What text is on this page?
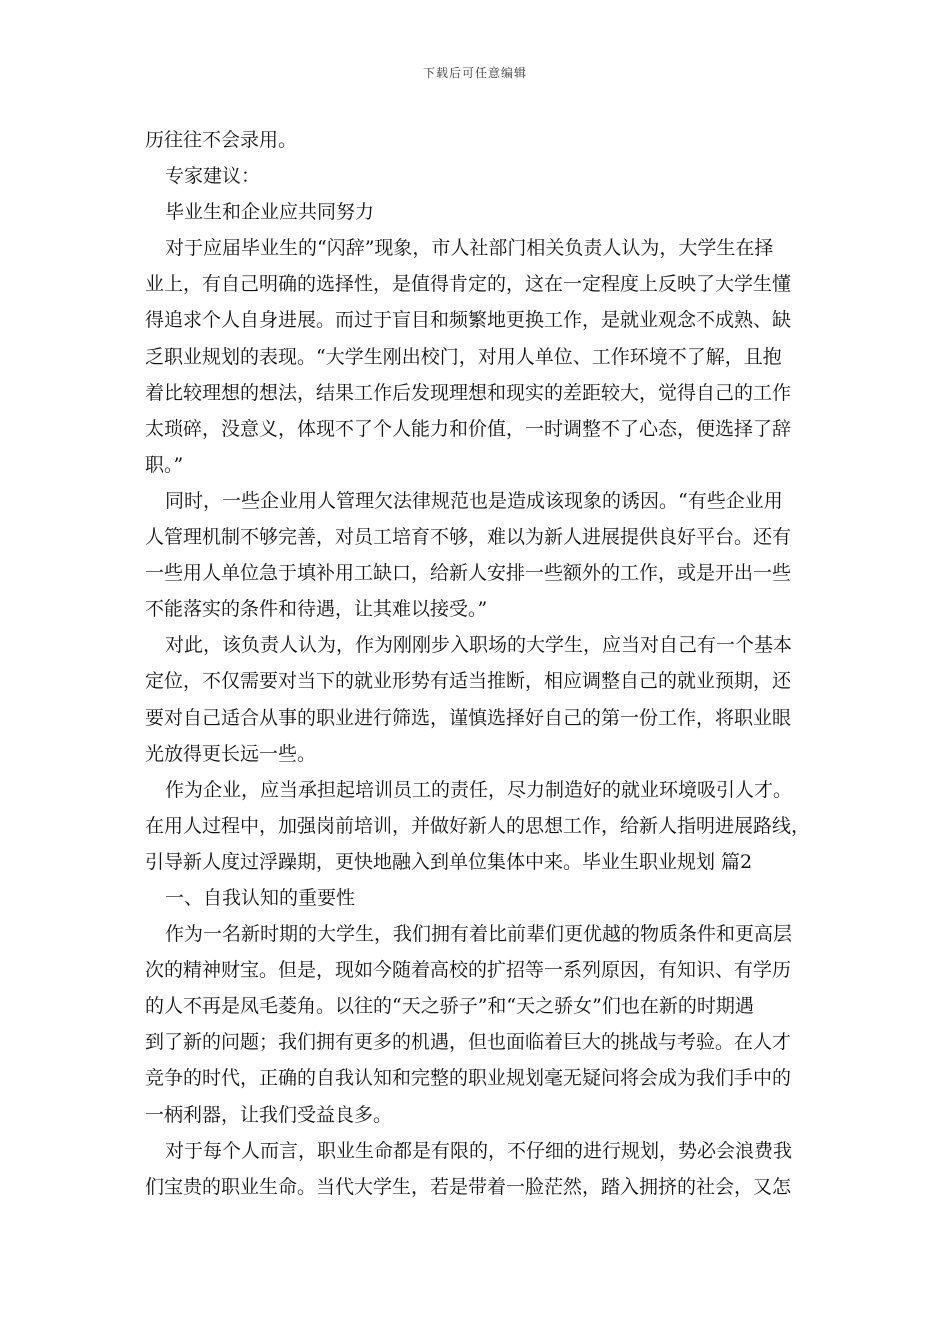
下载后可任意编辑
历往往不会录用。
专家建议：
毕业生和企业应共同努力
对于应届毕业生的“闪辞”现象，市人社部门相关负责人认为，大学生在择
业上，有自己明确的选择性，是值得肯定的，这在一定程度上反映了大学生懂
得追求个人自身进展。而过于盲目和频繁地更换工作，是就业观念不成熟、缺
乏职业规划的表现。“大学生刚出校门，对用人单位、工作环境不了解，且抱
着比较理想的想法，结果工作后发现理想和现实的差距较大，觉得自己的工作
太琐碎，没意义，体现不了个人能力和价值，一时调整不了心态，便选择了辞
职。”
同时，一些企业用人管理欠法律规范也是造成该现象的诱因。“有些企业用
人管理机制不够完善，对员工培育不够，难以为新人进展提供良好平台。还有
一些用人单位急于填补用工缺口，给新人安排一些额外的工作，或是开出一些
不能落实的条件和待遇，让其难以接受。”
对此，该负责人认为，作为刚刚步入职场的大学生，应当对自己有一个基本
定位，不仅需要对当下的就业形势有适当推断，相应调整自己的就业预期，还
要对自己适合从事的职业进行筛选，谨慎选择好自己的第一份工作，将职业眼
光放得更长远一些。
作为企业，应当承担起培训员工的责任，尽力制造好的就业环境吸引人才。
在用人过程中，加强岗前培训，并做好新人的思想工作，给新人指明进展路线，
引导新人度过浮躁期，更快地融入到单位集体中来。毕业生职业规划 篇2
一、自我认知的重要性
作为一名新时期的大学生，我们拥有着比前辈们更优越的物质条件和更高层
次的精神财宝。但是，现如今随着高校的扩招等一系列原因，有知识、有学历
的人不再是凤毛菱角。以往的“天之骄子”和“天之骄女”们也在新的时期遇
到了新的问题；我们拥有更多的机遇，但也面临着巨大的挑战与考验。在人才
竞争的时代，正确的自我认知和完整的职业规划毫无疑问将会成为我们手中的
一柄利器，让我们受益良多。
对于每个人而言，职业生命都是有限的，不仔细的进行规划，势必会浪费我
们宝贵的职业生命。当代大学生，若是带着一脸茫然，踏入拥挤的社会，又怎
